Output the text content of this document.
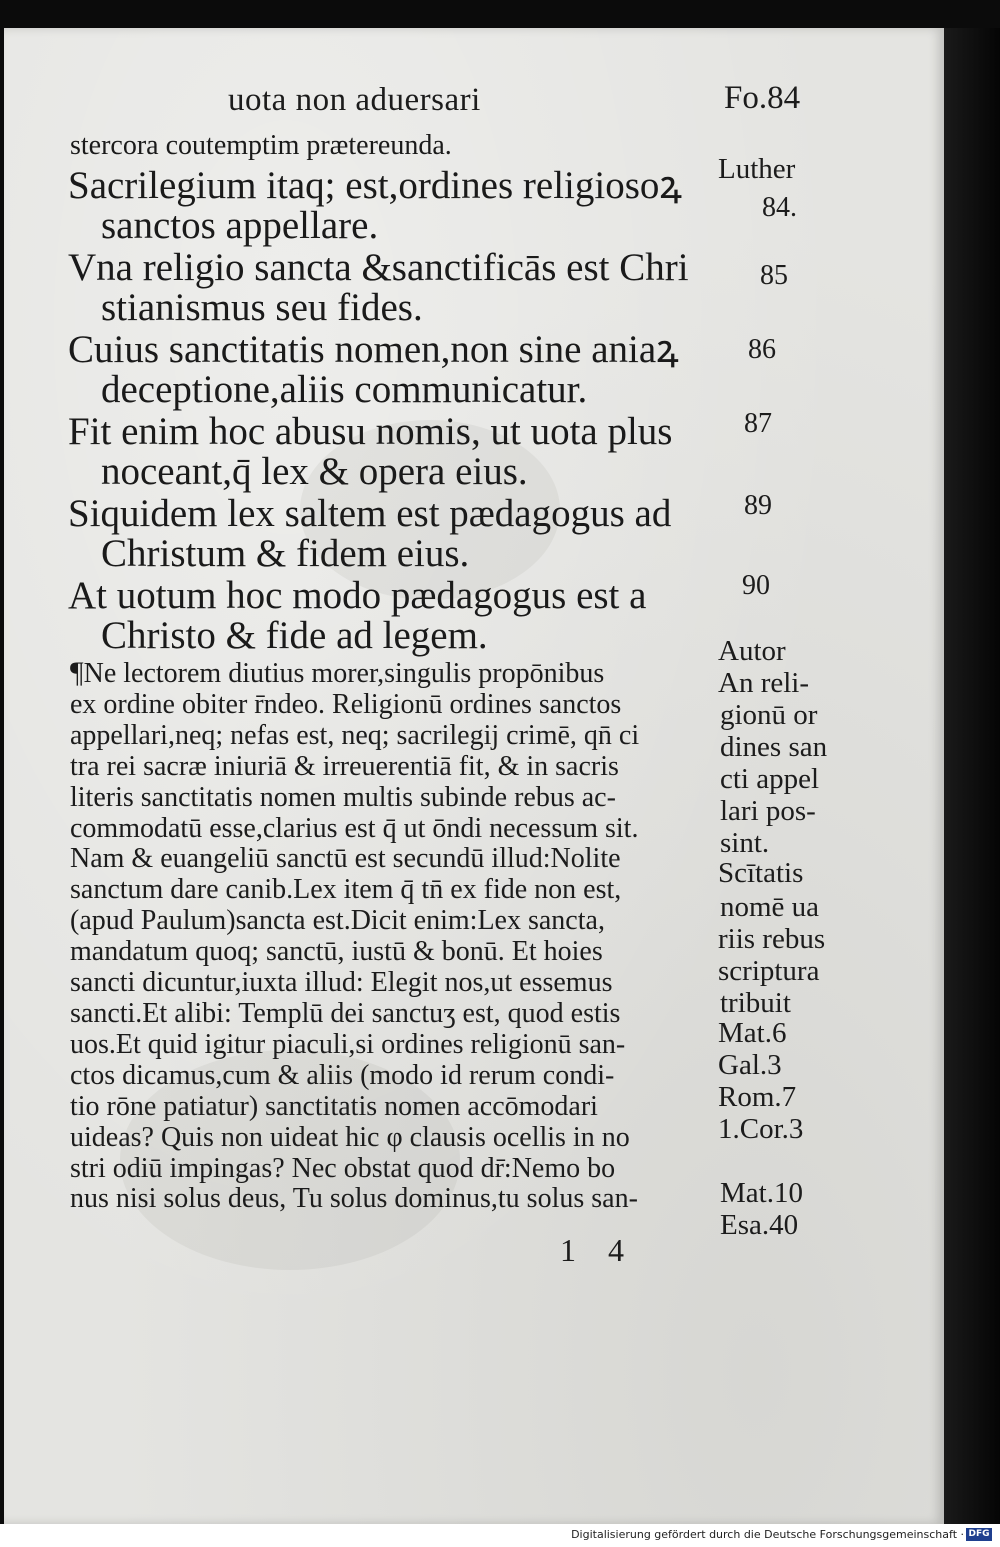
uota non aduersari	Fo.84
stercora coutemptim prætereunda.
Sacrilegium itaq; est,ordines religiosoꝝ
sanctos appellare.
Vna religio sancta &sanctificās est Chri
stianismus seu fides.
Cuius sanctitatis nomen,non sine aniaꝝ
deceptione,aliis communicatur.
Fit enim hoc abusu nomis, ut uota plus
noceant,q̄ lex & opera eius.
Siquidem lex saltem est pædagogus ad
Christum & fidem eius.
At uotum hoc modo pædagogus est a
Christo & fide ad legem.
Luther
84.
85
86
87
89
90
Autor
An reli-
gionū or
dines san
cti appel
lari pos-
sint.
Scītatis
nomē ua
riis rebus
scriptura
tribuit
Mat.6
Gal.3
Rom.7
1.Cor.3
Mat.10
Esa.40
¶Ne lectorem diutius morer,singulis propōnibus
ex ordine obiter r̄ndeo. Religionū ordines sanctos
appellari,neq; nefas est, neq; sacrilegij crimē, qn̄ ci
tra rei sacræ iniuriā & irreuerentiā fit, & in sacris
literis sanctitatis nomen multis subinde rebus ac-
commodatū esse,clarius est q̄ ut ōndi necessum sit.
Nam & euangeliū sanctū est secundū illud:Nolite
sanctum dare canib.Lex item q̄ tn̄ ex fide non est,
(apud Paulum)sancta est.Dicit enim:Lex sancta,
mandatum quoq; sanctū, iustū & bonū. Et hoies
sancti dicuntur,iuxta illud: Elegit nos,ut essemus
sancti.Et alibi: Templū dei sanctuʒ est, quod estis
uos.Et quid igitur piaculi,si ordines religionū san-
ctos dicamus,cum & aliis (modo id rerum condi-
tio rōne patiatur) sanctitatis nomen accōmodari
uideas? Quis non uideat hic φ clausis ocellis in no
stri odiū impingas? Nec obstat quod dr̄:Nemo bo
nus nisi solus deus, Tu solus dominus,tu solus san-
1 4
Digitalisierung gefördert durch die Deutsche Forschungsgemeinschaft · DFG
